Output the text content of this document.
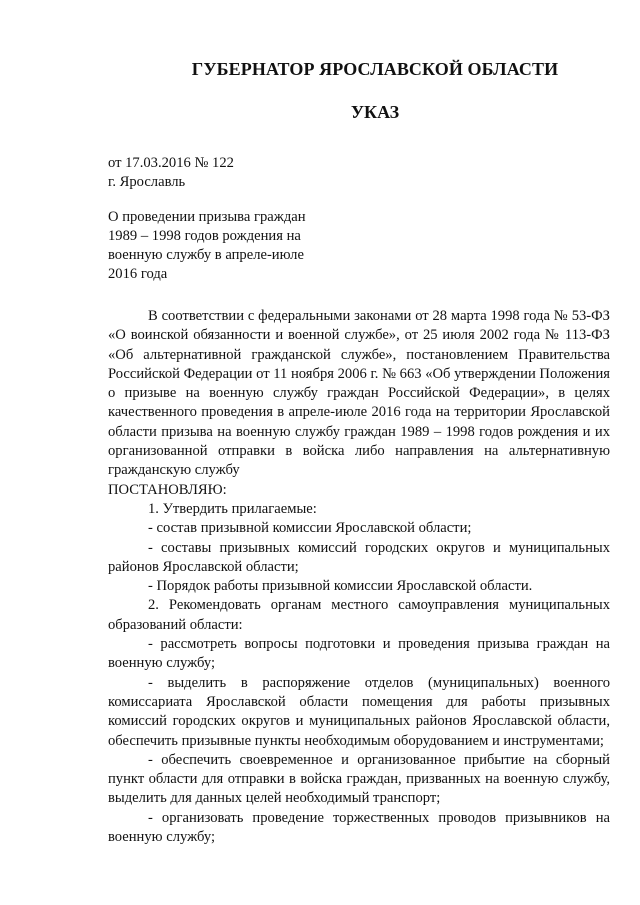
ГУБЕРНАТОР ЯРОСЛАВСКОЙ ОБЛАСТИ
УКАЗ
от 17.03.2016 № 122
г. Ярославль
О проведении призыва граждан
1989 – 1998 годов рождения на
военную службу в апреле-июле
2016 года

В соответствии с федеральными законами от 28 марта 1998 года № 53-ФЗ «О воинской обязанности и военной службе», от 25 июля 2002 года № 113-ФЗ «Об альтернативной гражданской службе», постановлением Правительства Российской Федерации от 11 ноября 2006 г. № 663 «Об утверждении Положения о призыве на военную службу граждан Российской Федерации», в целях качественного проведения в апреле-июле 2016 года на территории Ярославской области призыва на военную службу граждан 1989 – 1998 годов рождения и их организованной отправки в войска либо направления на альтернативную гражданскую службу

ПОСТАНОВЛЯЮ:

1. Утвердить прилагаемые:

- состав призывной комиссии Ярославской области;

- составы призывных комиссий городских округов и муниципальных районов Ярославской области;

- Порядок работы призывной комиссии Ярославской области.

2. Рекомендовать органам местного самоуправления муниципальных образований области:

- рассмотреть вопросы подготовки и проведения призыва граждан на военную службу;

- выделить в распоряжение отделов (муниципальных) военного комиссариата Ярославской области помещения для работы призывных комиссий городских округов и муниципальных районов Ярославской области, обеспечить призывные пункты необходимым оборудованием и инструментами;

- обеспечить своевременное и организованное прибытие на сборный пункт области для отправки в войска граждан, призванных на военную службу, выделить для данных целей необходимый транспорт;

- организовать проведение торжественных проводов призывников на военную службу;
